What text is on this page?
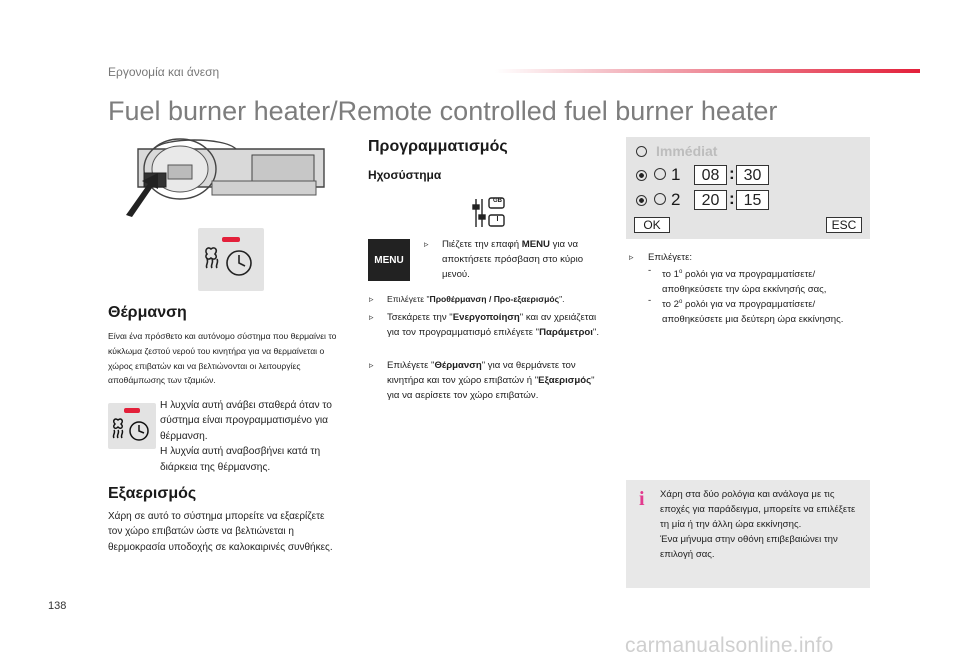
Εργονομία και άνεση
Fuel burner heater/Remote controlled fuel burner heater
Θέρμανση
Είναι ένα πρόσθετο και αυτόνομο σύστημα που θερμαίνει το κύκλωμα ζεστού νερού του κινητήρα για να θερμαίνεται ο χώρος επιβατών και να βελτιώνονται οι λειτουργίες αποθάμπωσης των τζαμιών.
Η λυχνία αυτή ανάβει σταθερά όταν το σύστημα είναι προγραμματισμένο για θέρμανση.
Η λυχνία αυτή αναβοσβήνει κατά τη διάρκεια της θέρμανσης.
Εξαερισμός
Χάρη σε αυτό το σύστημα μπορείτε να εξαερίζετε τον χώρο επιβατών ώστε να βελτιώνεται η θερμοκρασία υποδοχής σε καλοκαιρινές συνθήκες.
Προγραμματισμός
Ηχοσύστημα
GB
I
MENU
▹ Πιέζετε την επαφή MENU για να αποκτήσετε πρόσβαση στο κύριο μενού.
▹ Επιλέγετε "Προθέρμανση / Προ-εξαερισμός".
▹ Τσεκάρετε την "Ενεργοποίηση" και αν χρειάζεται για τον προγραμματισμό επιλέγετε "Παράμετροι".
▹ Επιλέγετε "Θέρμανση" για να θερμάνετε τον κινητήρα και τον χώρο επιβατών ή "Εξαερισμός" για να αερίσετε τον χώρο επιβατών.
Immédiat
1	08 : 30
2	20 : 15
OK	ESC
▹ Επιλέγετε:
- το $1^o$ ρολόι για να προγραμματίσετε/ αποθηκεύσετε την ώρα εκκίνησής σας,
- το $2^o$ ρολόι για να προγραμματίσετε/ αποθηκεύσετε μια δεύτερη ώρα εκκίνησης.
i Χάρη στα δύο ρολόγια και ανάλογα με τις εποχές για παράδειγμα, μπορείτε να επιλέξετε τη μία ή την άλλη ώρα εκκίνησης.
Ένα μήνυμα στην οθόνη επιβεβαιώνει την επιλογή σας.
138
carmanualsonline.info
